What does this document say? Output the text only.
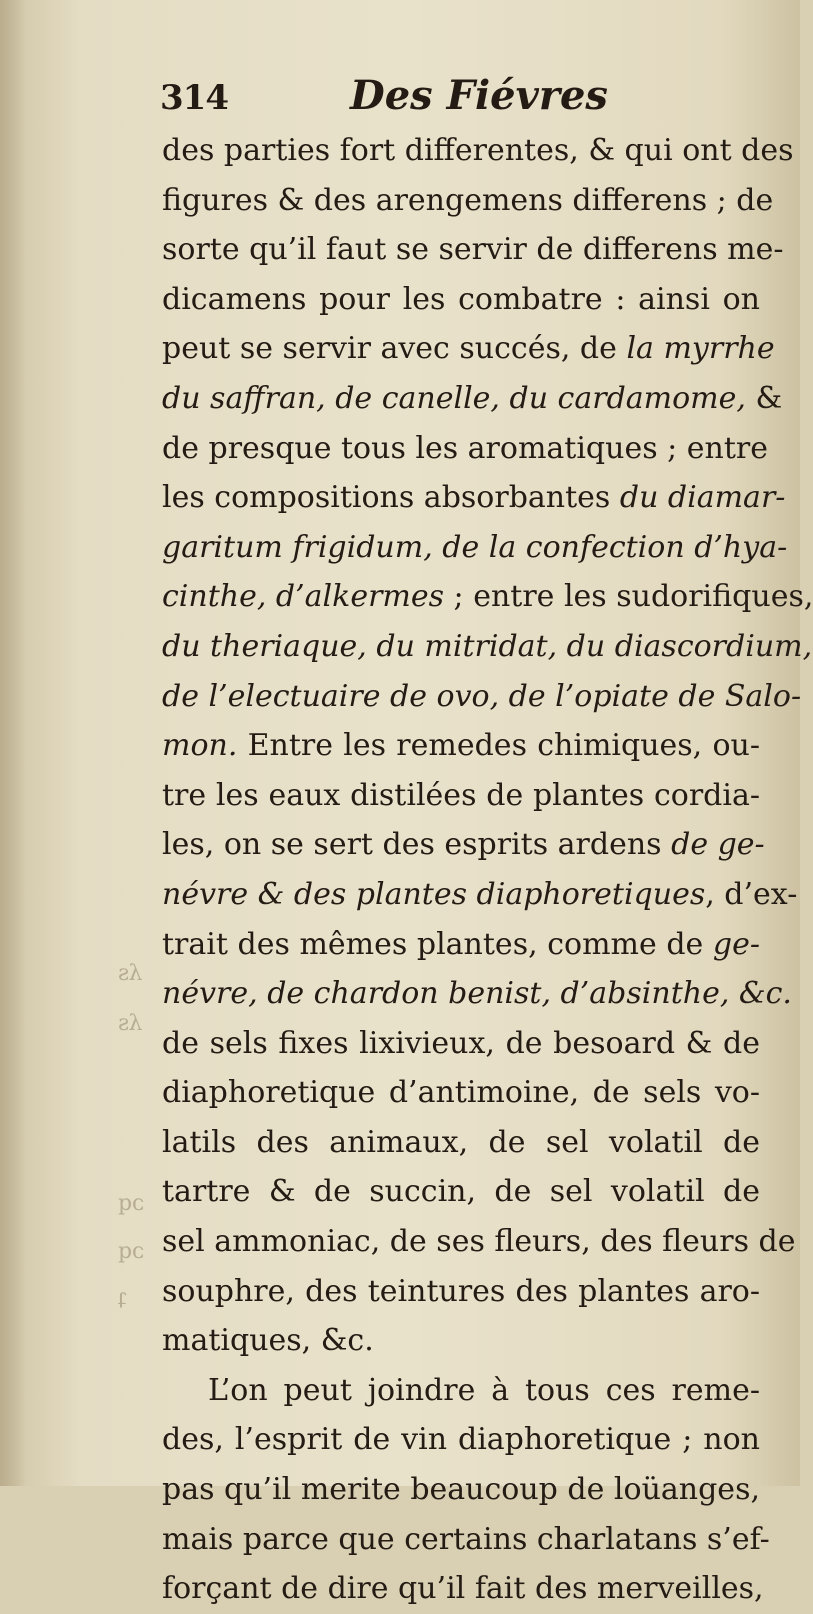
314	Des Fiévres
des parties fort differentes, & qui ont des
figures & des arengemens differens ; de
sorte qu’il faut se servir de differens me-
dicamens pour les combatre : ainsi on
peut se servir avec succés, de la myrrhe
du saffran, de canelle, du cardamome, &
de presque tous les aromatiques ; entre
les compositions absorbantes du diamar-
garitum frigidum, de la confection d’hya-
cinthe, d’alkermes ; entre les sudorifiques,
du theriaque, du mitridat, du diascordium,
de l’electuaire de ovo, de l’opiate de Salo-
mon. Entre les remedes chimiques, ou-
tre les eaux distilées de plantes cordia-
les, on se sert des esprits ardens de ge-
névre & des plantes diaphoretiques, d’ex-
trait des mêmes plantes, comme de ge-
névre, de chardon benist, d’absinthe, &c.
de sels fixes lixivieux, de besoard & de
diaphoretique d’antimoine, de sels vo-
latils des animaux, de sel volatil de
tartre & de succin, de sel volatil de
sel ammoniac, de ses fleurs, des fleurs de
souphre, des teintures des plantes aro-
matiques, &c.
L’on peut joindre à tous ces reme-
des, l’esprit de vin diaphoretique ; non
pas qu’il merite beaucoup de loüanges,
mais parce que certains charlatans s’ef-
forçant de dire qu’il fait des merveilles,
ʎs
ʎs
ɔq
ɔq
ʇ
